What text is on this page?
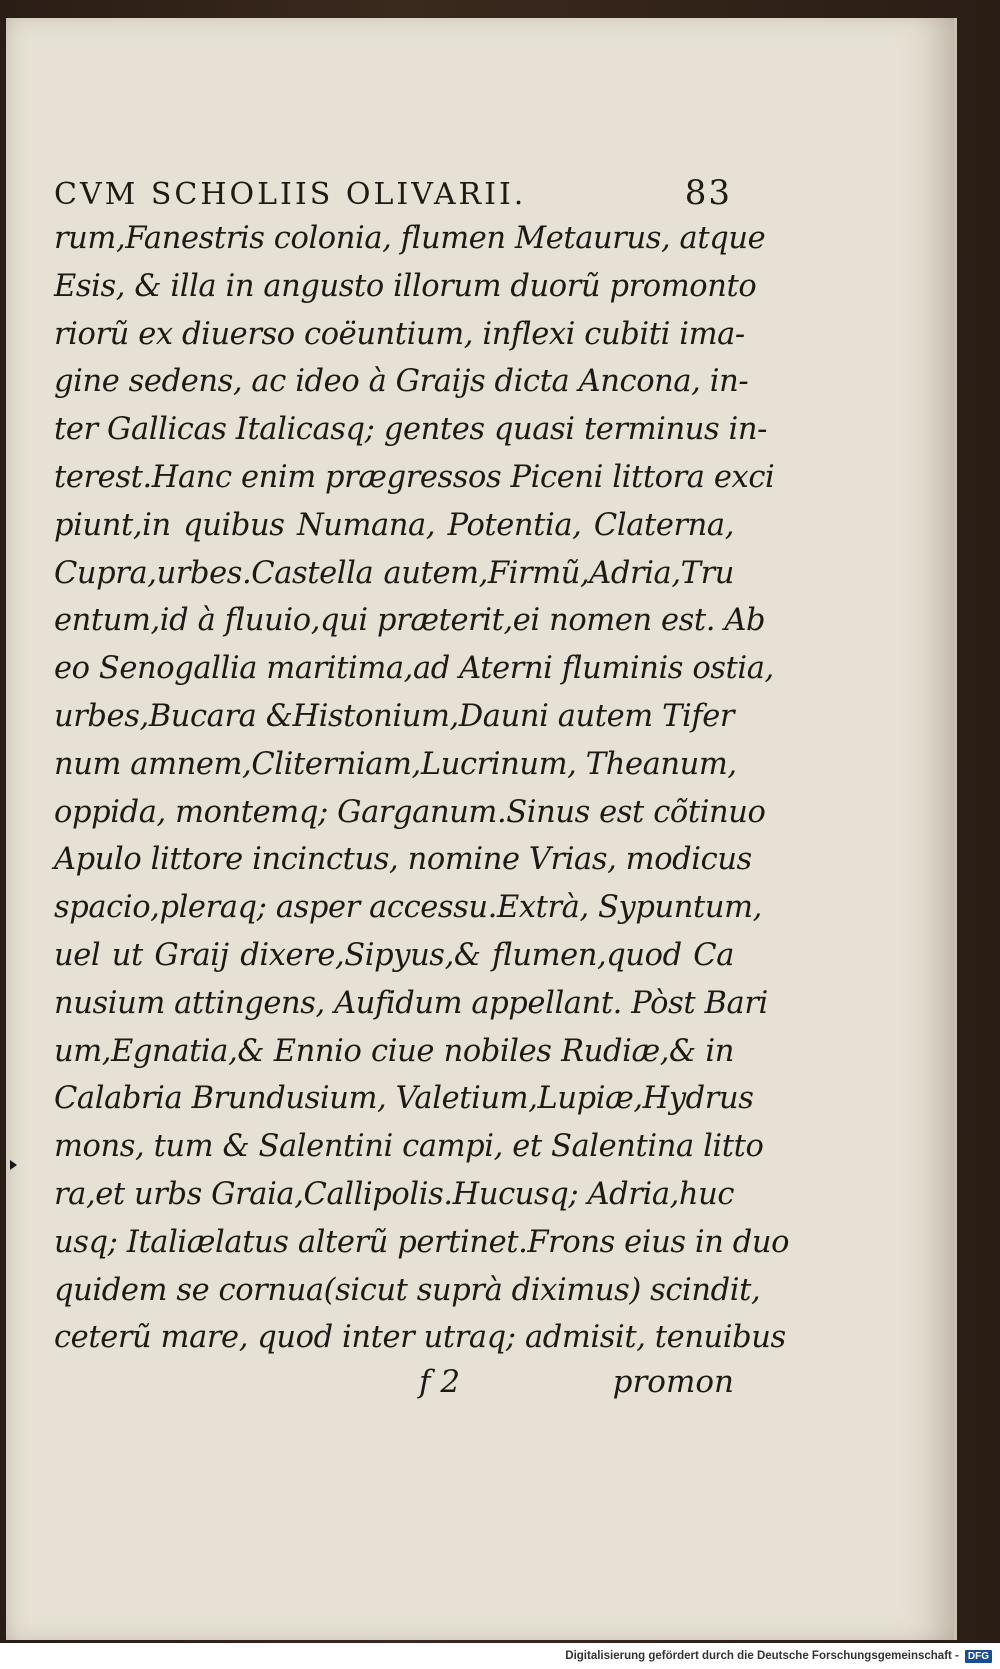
CVM SCHOLIIS OLIVARII.	83
rum,Fanestris colonia, flumen Metaurus, atque
Esis, & illa in angusto illorum duorũ promonto
riorũ ex diuerso coëuntium, inflexi cubiti ima-
gine sedens, ac ideo à Graijs dicta Ancona, in-
ter Gallicas Italicasq; gentes quasi terminus in-
terest.Hanc enim prægressos Piceni littora exci
piunt,in quibus Numana, Potentia, Claterna,
Cupra,urbes.Castella autem,Firmũ,Adria,Tru
entum,id à fluuio,qui præterit,ei nomen est. Ab
eo Senogallia maritima,ad Aterni fluminis ostia,
urbes,Bucara &Histonium,Dauni autem Tifer
num amnem,Cliterniam,Lucrinum, Theanum,
oppida, montemq; Garganum.Sinus est cõtinuo
Apulo littore incinctus, nomine Vrias, modicus
spacio,pleraq; asper accessu.Extrà, Sypuntum,
uel ut Graij dixere,Sipyus,& flumen,quod Ca
nusium attingens, Aufidum appellant. Pòst Bari
um,Egnatia,& Ennio ciue nobiles Rudiæ,& in
Calabria Brundusium, Valetium,Lupiæ,Hydrus
mons, tum & Salentini campi, et Salentina litto
ra,et urbs Graia,Callipolis.Hucusq; Adria,huc
usq; Italiælatus alterũ pertinet.Frons eius in duo
quidem se cornua(sicut suprà diximus) scindit,
ceterũ mare, quod inter utraq; admisit, tenuibus
f 2	promon
Digitalisierung gefördert durch die Deutsche Forschungsgemeinschaft - DFG
